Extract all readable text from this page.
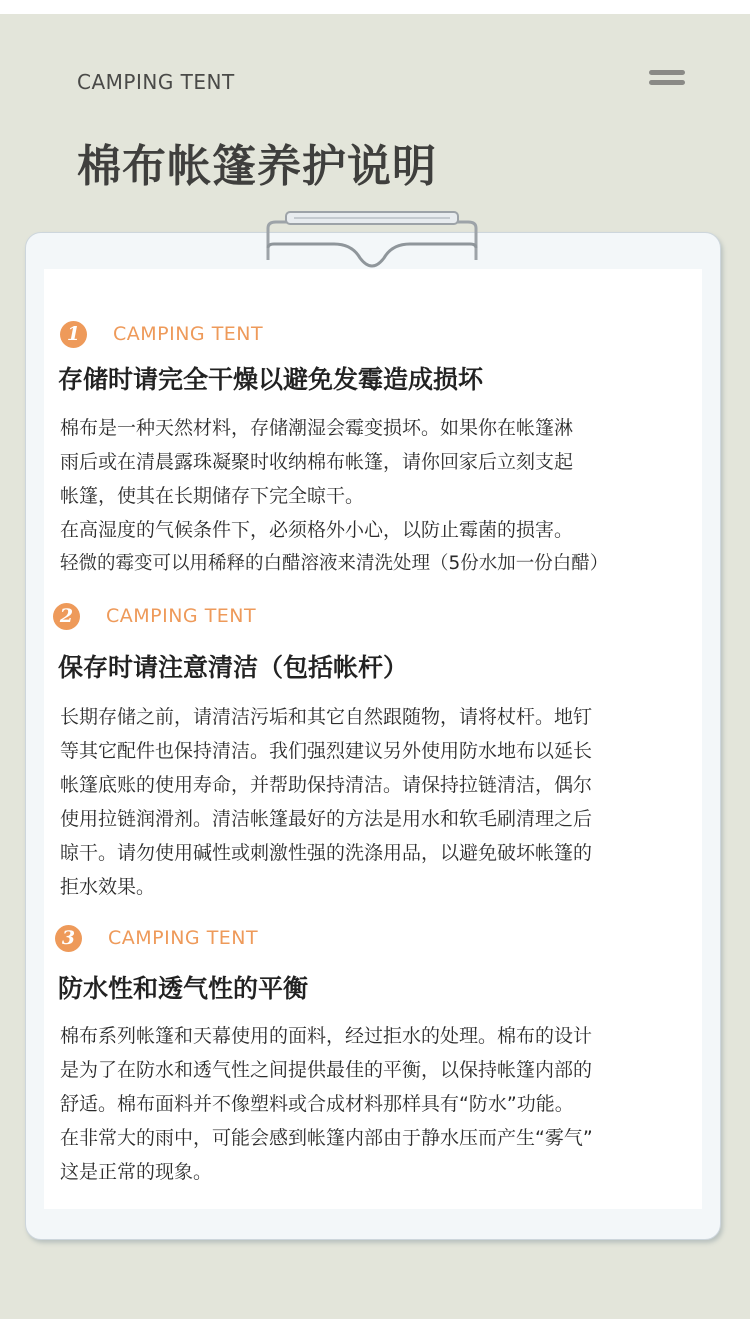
CAMPING TENT
棉布帐篷养护说明
1	CAMPING TENT
存储时请完全干燥以避免发霉造成损坏
棉布是一种天然材料，存储潮湿会霉变损坏。如果你在帐篷淋
雨后或在清晨露珠凝聚时收纳棉布帐篷，请你回家后立刻支起
帐篷，使其在长期储存下完全晾干。
在高湿度的气候条件下，必须格外小心，以防止霉菌的损害。
轻微的霉变可以用稀释的白醋溶液来清洗处理（5份水加一份白醋）
2	CAMPING TENT
保存时请注意清洁（包括帐杆）
长期存储之前，请清洁污垢和其它自然跟随物，请将杖杆。地钉
等其它配件也保持清洁。我们强烈建议另外使用防水地布以延长
帐篷底账的使用寿命，并帮助保持清洁。请保持拉链清洁，偶尔
使用拉链润滑剂。清洁帐篷最好的方法是用水和软毛刷清理之后
晾干。请勿使用碱性或刺激性强的洗涤用品，以避免破坏帐篷的
拒水效果。
3	CAMPING TENT
防水性和透气性的平衡
棉布系列帐篷和天幕使用的面料，经过拒水的处理。棉布的设计
是为了在防水和透气性之间提供最佳的平衡，以保持帐篷内部的
舒适。棉布面料并不像塑料或合成材料那样具有“防水”功能。
在非常大的雨中，可能会感到帐篷内部由于静水压而产生“雾气”
这是正常的现象。
